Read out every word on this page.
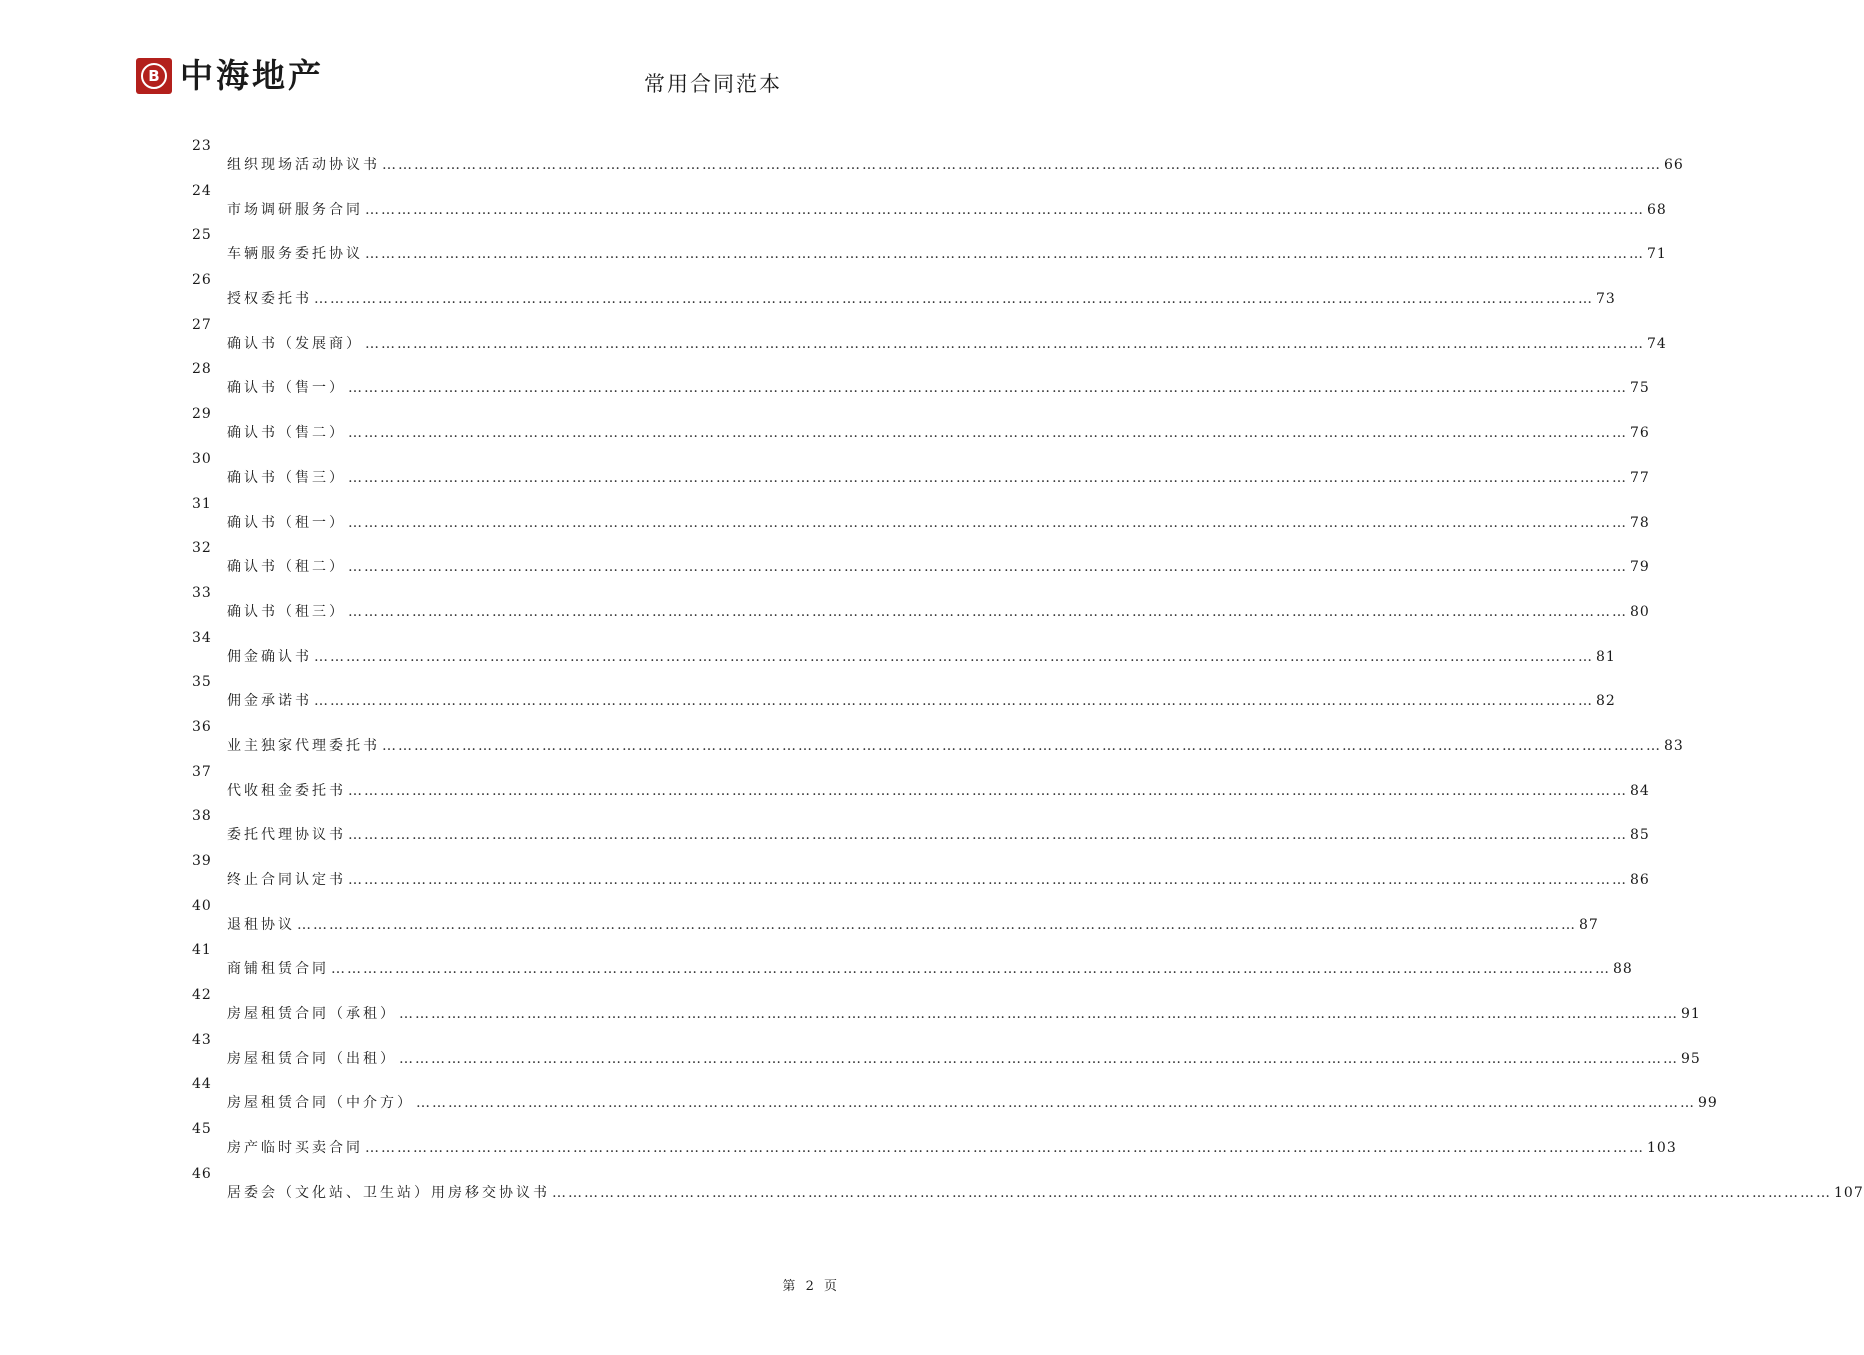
B 中海地产	常用合同范本
23
组织现场活动协议书 …………………………………………………………………………………………………………………………………………………………………………………………………………………… 66
24
市场调研服务合同 …………………………………………………………………………………………………………………………………………………………………………………………………………………… 68
25
车辆服务委托协议 …………………………………………………………………………………………………………………………………………………………………………………………………………………… 71
26
授权委托书 …………………………………………………………………………………………………………………………………………………………………………………………………………………… 73
27
确认书（发展商） …………………………………………………………………………………………………………………………………………………………………………………………………………………… 74
28
确认书（售一） …………………………………………………………………………………………………………………………………………………………………………………………………………………… 75
29
确认书（售二） …………………………………………………………………………………………………………………………………………………………………………………………………………………… 76
30
确认书（售三） …………………………………………………………………………………………………………………………………………………………………………………………………………………… 77
31
确认书（租一） …………………………………………………………………………………………………………………………………………………………………………………………………………………… 78
32
确认书（租二） …………………………………………………………………………………………………………………………………………………………………………………………………………………… 79
33
确认书（租三） …………………………………………………………………………………………………………………………………………………………………………………………………………………… 80
34
佣金确认书 …………………………………………………………………………………………………………………………………………………………………………………………………………………… 81
35
佣金承诺书 …………………………………………………………………………………………………………………………………………………………………………………………………………………… 82
36
业主独家代理委托书 …………………………………………………………………………………………………………………………………………………………………………………………………………………… 83
37
代收租金委托书 …………………………………………………………………………………………………………………………………………………………………………………………………………………… 84
38
委托代理协议书 …………………………………………………………………………………………………………………………………………………………………………………………………………………… 85
39
终止合同认定书 …………………………………………………………………………………………………………………………………………………………………………………………………………………… 86
40
退租协议 …………………………………………………………………………………………………………………………………………………………………………………………………………………… 87
41
商铺租赁合同 …………………………………………………………………………………………………………………………………………………………………………………………………………………… 88
42
房屋租赁合同（承租） …………………………………………………………………………………………………………………………………………………………………………………………………………………… 91
43
房屋租赁合同（出租） …………………………………………………………………………………………………………………………………………………………………………………………………………………… 95
44
房屋租赁合同（中介方） …………………………………………………………………………………………………………………………………………………………………………………………………………………… 99
45
房产临时买卖合同 …………………………………………………………………………………………………………………………………………………………………………………………………………………… 103
46
居委会（文化站、卫生站）用房移交协议书 …………………………………………………………………………………………………………………………………………………………………………………………………………………… 107
第 2 页
